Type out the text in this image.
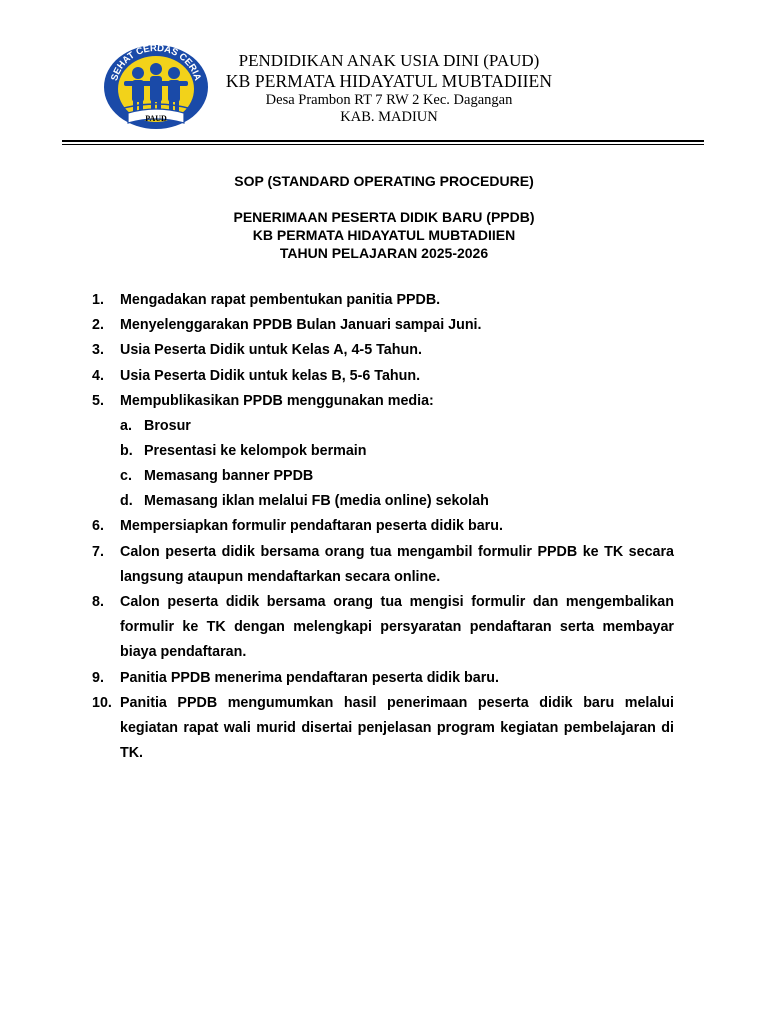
SEHAT CERDAS CERIA
PAUD
PENDIDIKAN ANAK USIA DINI (PAUD)
KB PERMATA HIDAYATUL MUBTADIIEN
Desa Prambon RT 7 RW 2 Kec. Dagangan
KAB. MADIUN
SOP (STANDARD OPERATING PROCEDURE)
PENERIMAAN PESERTA DIDIK BARU (PPDB)
KB PERMATA HIDAYATUL MUBTADIIEN
TAHUN PELAJARAN 2025-2026
1.	Mengadakan rapat pembentukan panitia PPDB.
2.	Menyelenggarakan PPDB Bulan Januari sampai Juni.
3.	Usia Peserta Didik untuk Kelas A, 4-5 Tahun.
4.	Usia Peserta Didik untuk kelas B, 5-6 Tahun.
5.	Mempublikasikan PPDB menggunakan media:
a. Brosur
b. Presentasi ke kelompok bermain
c. Memasang banner PPDB
d. Memasang iklan melalui FB (media online) sekolah
6.	Mempersiapkan formulir pendaftaran peserta didik baru.
7.	Calon peserta didik bersama orang tua mengambil formulir PPDB ke TK secara langsung ataupun mendaftarkan secara online.
8.	Calon peserta didik bersama orang tua mengisi formulir dan mengembalikan formulir ke TK dengan melengkapi persyaratan pendaftaran serta membayar biaya pendaftaran.
9.	Panitia PPDB menerima pendaftaran peserta didik baru.
10. Panitia PPDB mengumumkan hasil penerimaan peserta didik baru melalui kegiatan rapat wali murid disertai penjelasan program kegiatan pembelajaran di TK.
